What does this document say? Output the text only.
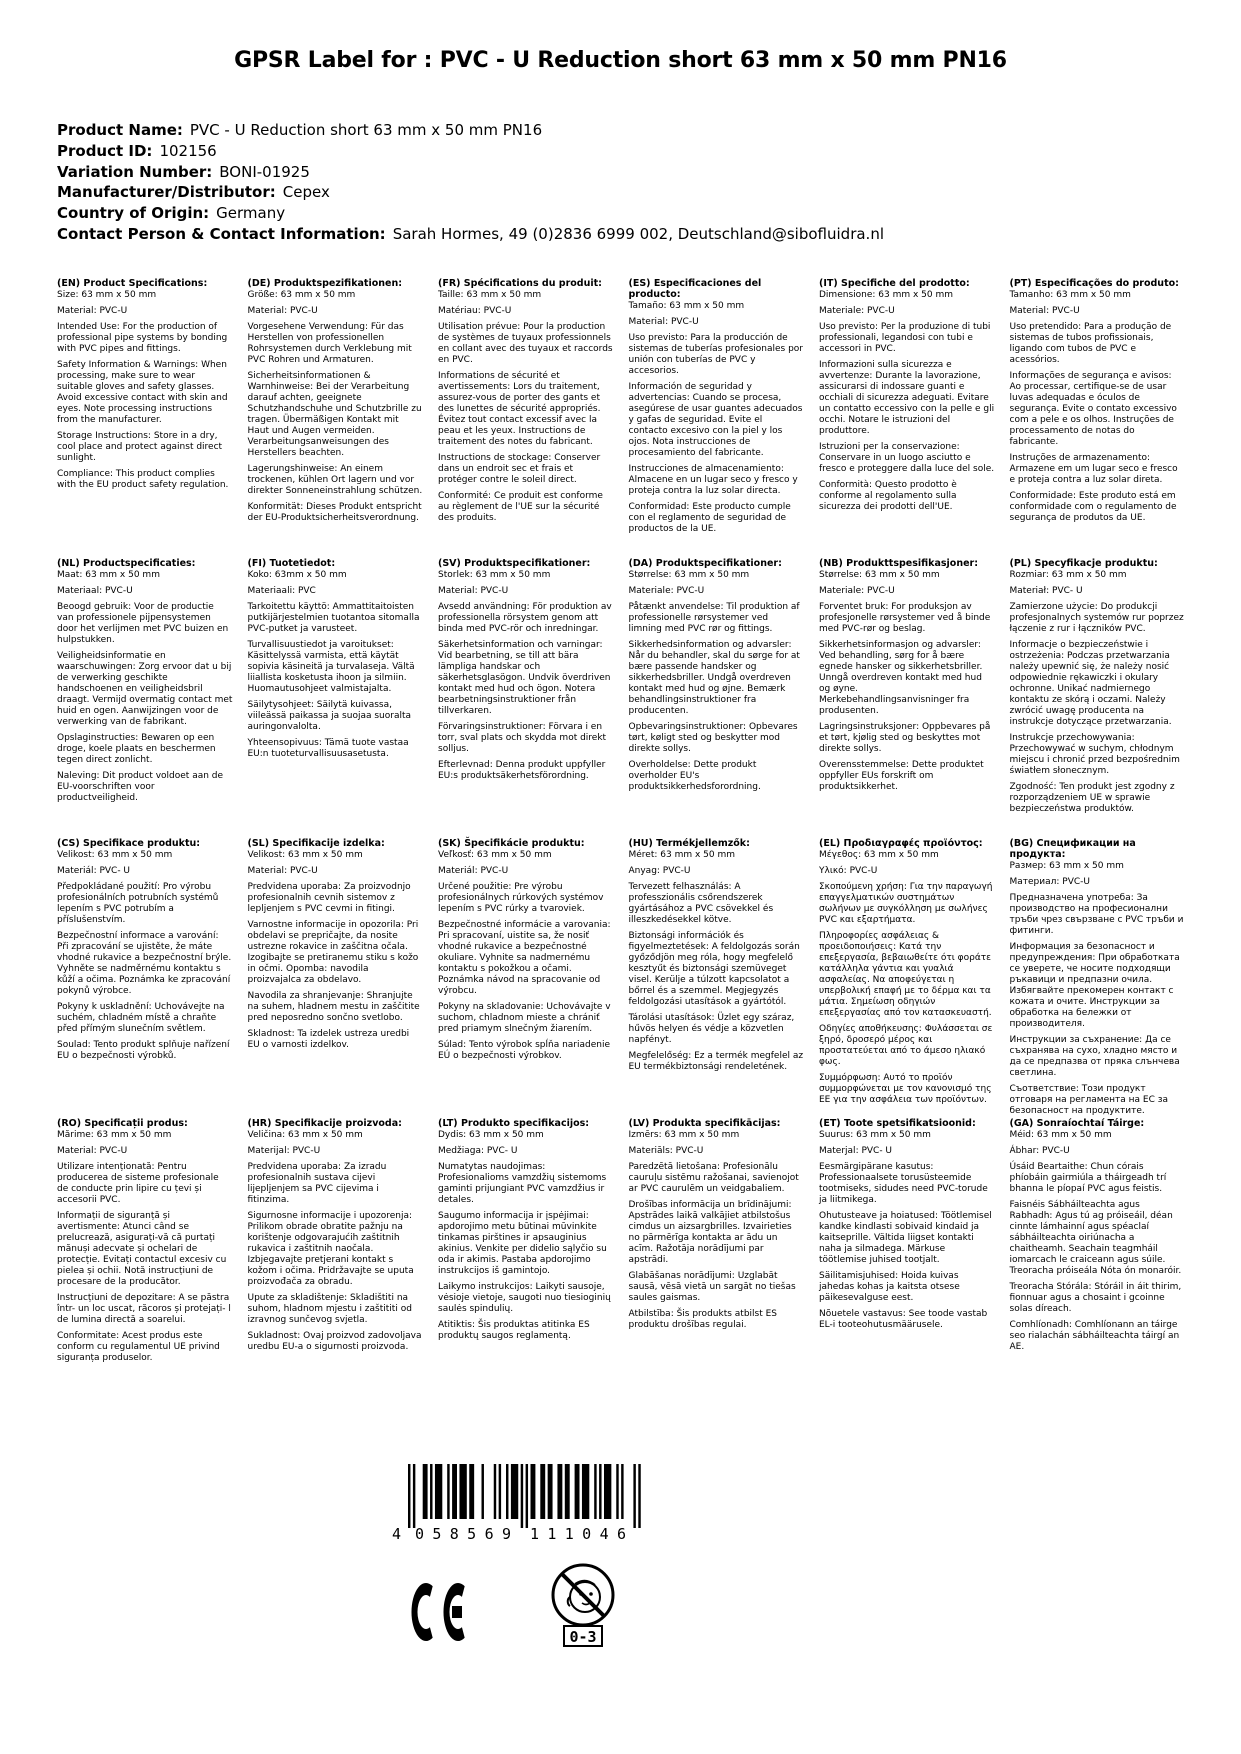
GPSR Label for : PVC - U Reduction short 63 mm x 50 mm PN16
Product Name: PVC - U Reduction short 63 mm x 50 mm PN16
Product ID: 102156
Variation Number: BONI-01925
Manufacturer/Distributor: Cepex
Country of Origin: Germany
Contact Person & Contact Information: Sarah Hormes, 49 (0)2836 6999 002, Deutschland@sibofluidra.nl
(EN) Product Specifications:

Size: 63 mm x 50 mm

Material: PVC-U

Intended Use: For the production of professional pipe systems by bonding with PVC pipes and fittings.

Safety Information & Warnings: When processing, make sure to wear suitable gloves and safety glasses. Avoid excessive contact with skin and eyes. Note processing instructions from the manufacturer.

Storage Instructions: Store in a dry, cool place and protect against direct sunlight.

Compliance: This product complies with the EU product safety regulation.

(DE) Produktspezifikationen:

Größe: 63 mm x 50 mm

Material: PVC-U

Vorgesehene Verwendung: Für das Herstellen von professionellen Rohrsystemen durch Verklebung mit PVC Rohren und Armaturen.

Sicherheitsinformationen & Warnhinweise: Bei der Verarbeitung darauf achten, geeignete Schutzhandschuhe und Schutzbrille zu tragen. Übermäßigen Kontakt mit Haut und Augen vermeiden. Verarbeitungsanweisungen des Herstellers beachten.

Lagerungshinweise: An einem trockenen, kühlen Ort lagern und vor direkter Sonneneinstrahlung schützen.

Konformität: Dieses Produkt entspricht der EU-Produktsicherheitsverordnung.

(FR) Spécifications du produit:

Taille: 63 mm x 50 mm

Matériau: PVC-U

Utilisation prévue: Pour la production de systèmes de tuyaux professionnels en collant avec des tuyaux et raccords en PVC.

Informations de sécurité et avertissements: Lors du traitement, assurez-vous de porter des gants et des lunettes de sécurité appropriés. Évitez tout contact excessif avec la peau et les yeux. Instructions de traitement des notes du fabricant.

Instructions de stockage: Conserver dans un endroit sec et frais et protéger contre le soleil direct.

Conformité: Ce produit est conforme au règlement de l'UE sur la sécurité des produits.

(ES) Especificaciones del producto:

Tamaño: 63 mm x 50 mm

Material: PVC-U

Uso previsto: Para la producción de sistemas de tuberías profesionales por unión con tuberías de PVC y accesorios.

Información de seguridad y advertencias: Cuando se procesa, asegúrese de usar guantes adecuados y gafas de seguridad. Evite el contacto excesivo con la piel y los ojos. Nota instrucciones de procesamiento del fabricante.

Instrucciones de almacenamiento: Almacene en un lugar seco y fresco y proteja contra la luz solar directa.

Conformidad: Este producto cumple con el reglamento de seguridad de productos de la UE.

(IT) Specifiche del prodotto:

Dimensione: 63 mm x 50 mm

Materiale: PVC-U

Uso previsto: Per la produzione di tubi professionali, legandosi con tubi e accessori in PVC.

Informazioni sulla sicurezza e avvertenze: Durante la lavorazione, assicurarsi di indossare guanti e occhiali di sicurezza adeguati. Evitare un contatto eccessivo con la pelle e gli occhi. Notare le istruzioni del produttore.

Istruzioni per la conservazione: Conservare in un luogo asciutto e fresco e proteggere dalla luce del sole.

Conformità: Questo prodotto è conforme al regolamento sulla sicurezza dei prodotti dell'UE.

(PT) Especificações do produto:

Tamanho: 63 mm x 50 mm

Material: PVC-U

Uso pretendido: Para a produção de sistemas de tubos profissionais, ligando com tubos de PVC e acessórios.

Informações de segurança e avisos: Ao processar, certifique-se de usar luvas adequadas e óculos de segurança. Evite o contato excessivo com a pele e os olhos. Instruções de processamento de notas do fabricante.

Instruções de armazenamento: Armazene em um lugar seco e fresco e proteja contra a luz solar direta.

Conformidade: Este produto está em conformidade com o regulamento de segurança de produtos da UE.

(NL) Productspecificaties:

Maat: 63 mm x 50 mm

Materiaal: PVC-U

Beoogd gebruik: Voor de productie van professionele pijpensystemen door het verlijmen met PVC buizen en hulpstukken.

Veiligheidsinformatie en waarschuwingen: Zorg ervoor dat u bij de verwerking geschikte handschoenen en veiligheidsbril draagt. Vermijd overmatig contact met huid en ogen. Aanwijzingen voor de verwerking van de fabrikant.

Opslaginstructies: Bewaren op een droge, koele plaats en beschermen tegen direct zonlicht.

Naleving: Dit product voldoet aan de EU-voorschriften voor productveiligheid.

(FI) Tuotetiedot:

Koko: 63mm x 50 mm

Materiaali: PVC

Tarkoitettu käyttö: Ammattitaitoisten putkijärjestelmien tuotantoa sitomalla PVC-putket ja varusteet.

Turvallisuustiedot ja varoitukset: Käsittelyssä varmista, että käytät sopivia käsineitä ja turvalaseja. Vältä liiallista kosketusta ihoon ja silmiin. Huomautusohjeet valmistajalta.

Säilytysohjeet: Säilytä kuivassa, viileässä paikassa ja suojaa suoralta auringonvalolta.

Yhteensopivuus: Tämä tuote vastaa EU:n tuoteturvallisuusasetusta.

(SV) Produktspecifikationer:

Storlek: 63 mm x 50 mm

Material: PVC-U

Avsedd användning: För produktion av professionella rörsystem genom att binda med PVC-rör och inredningar.

Säkerhetsinformation och varningar: Vid bearbetning, se till att bära lämpliga handskar och säkerhetsglasögon. Undvik överdriven kontakt med hud och ögon. Notera bearbetningsinstruktioner från tillverkaren.

Förvaringsinstruktioner: Förvara i en torr, sval plats och skydda mot direkt solljus.

Efterlevnad: Denna produkt uppfyller EU:s produktsäkerhetsförordning.

(DA) Produktspecifikationer:

Størrelse: 63 mm x 50 mm

Materiale: PVC-U

Påtænkt anvendelse: Til produktion af professionelle rørsystemer ved limning med PVC rør og fittings.

Sikkerhedsinformation og advarsler: Når du behandler, skal du sørge for at bære passende handsker og sikkerhedsbriller. Undgå overdreven kontakt med hud og øjne. Bemærk behandlingsinstruktioner fra producenten.

Opbevaringsinstruktioner: Opbevares tørt, køligt sted og beskytter mod direkte sollys.

Overholdelse: Dette produkt overholder EU's produktsikkerhedsforordning.

(NB) Produkttspesifikasjoner:

Størrelse: 63 mm x 50 mm

Materiale: PVC-U

Forventet bruk: For produksjon av profesjonelle rørsystemer ved å binde med PVC-rør og beslag.

Sikkerhetsinformasjon og advarsler: Ved behandling, sørg for å bære egnede hansker og sikkerhetsbriller. Unngå overdreven kontakt med hud og øyne. Merkebehandlingsanvisninger fra produsenten.

Lagringsinstruksjoner: Oppbevares på et tørt, kjølig sted og beskyttes mot direkte sollys.

Overensstemmelse: Dette produktet oppfyller EUs forskrift om produktsikkerhet.

(PL) Specyfikacje produktu:

Rozmiar: 63 mm x 50 mm

Materiał: PVC- U

Zamierzone użycie: Do produkcji profesjonalnych systemów rur poprzez łączenie z rur i łączników PVC.

Informacje o bezpieczeństwie i ostrzeżenia: Podczas przetwarzania należy upewnić się, że należy nosić odpowiednie rękawiczki i okulary ochronne. Unikać nadmiernego kontaktu ze skórą i oczami. Należy zwrócić uwagę producenta na instrukcje dotyczące przetwarzania.

Instrukcje przechowywania: Przechowywać w suchym, chłodnym miejscu i chronić przed bezpośrednim światłem słonecznym.

Zgodność: Ten produkt jest zgodny z rozporządzeniem UE w sprawie bezpieczeństwa produktów.

(CS) Specifikace produktu:

Velikost: 63 mm x 50 mm

Materiál: PVC- U

Předpokládané použití: Pro výrobu profesionálních potrubních systémů lepením s PVC potrubím a příslušenstvím.

Bezpečnostní informace a varování: Při zpracování se ujistěte, že máte vhodné rukavice a bezpečnostní brýle. Vyhněte se nadměrnému kontaktu s kůží a očima. Poznámka ke zpracování pokynů výrobce.

Pokyny k uskladnění: Uchovávejte na suchém, chladném místě a chraňte před přímým slunečním světlem.

Soulad: Tento produkt splňuje nařízení EU o bezpečnosti výrobků.

(SL) Specifikacije izdelka:

Velikost: 63 mm x 50 mm

Material: PVC-U

Predvidena uporaba: Za proizvodnjo profesionalnih cevnih sistemov z lepljenjem s PVC cevmi in fitingi.

Varnostne informacije in opozorila: Pri obdelavi se prepričajte, da nosite ustrezne rokavice in zaščitna očala. Izogibajte se pretiranemu stiku s kožo in očmi. Opomba: navodila proizvajalca za obdelavo.

Navodila za shranjevanje: Shranjujte na suhem, hladnem mestu in zaščitite pred neposredno sončno svetlobo.

Skladnost: Ta izdelek ustreza uredbi EU o varnosti izdelkov.

(SK) Špecifikácie produktu:

Veľkosť: 63 mm x 50 mm

Materiál: PVC-U

Určené použitie: Pre výrobu profesionálnych rúrkových systémov lepením s PVC rúrky a tvaroviek.

Bezpečnostné informácie a varovania: Pri spracovaní, uistite sa, že nosiť vhodné rukavice a bezpečnostné okuliare. Vyhnite sa nadmernému kontaktu s pokožkou a očami. Poznámka návod na spracovanie od výrobcu.

Pokyny na skladovanie: Uchovávajte v suchom, chladnom mieste a chrániť pred priamym slnečným žiarením.

Súlad: Tento výrobok spĺňa nariadenie EÚ o bezpečnosti výrobkov.

(HU) Termékjellemzők:

Méret: 63 mm x 50 mm

Anyag: PVC-U

Tervezett felhasználás: A professzionális csőrendszerek gyártásához a PVC csövekkel és illeszkedésekkel kötve.

Biztonsági információk és figyelmeztetések: A feldolgozás során győződjön meg róla, hogy megfelelő kesztyűt és biztonsági szemüveget visel. Kerülje a túlzott kapcsolatot a bőrrel és a szemmel. Megjegyzés feldolgozási utasítások a gyártótól.

Tárolási utasítások: Üzlet egy száraz, hűvös helyen és védje a közvetlen napfényt.

Megfelelőség: Ez a termék megfelel az EU termékbiztonsági rendeletének.

(EL) Προδιαγραφές προϊόντος:

Μέγεθος: 63 mm x 50 mm

Υλικό: PVC-U

Σκοπούμενη χρήση: Για την παραγωγή επαγγελματικών συστημάτων σωλήνων με συγκόλληση με σωλήνες PVC και εξαρτήματα.

Πληροφορίες ασφάλειας & προειδοποιήσεις: Κατά την επεξεργασία, βεβαιωθείτε ότι φοράτε κατάλληλα γάντια και γυαλιά ασφαλείας. Να αποφεύγεται η υπερβολική επαφή με το δέρμα και τα μάτια. Σημείωση οδηγιών επεξεργασίας από τον κατασκευαστή.

Οδηγίες αποθήκευσης: Φυλάσσεται σε ξηρό, δροσερό μέρος και προστατεύεται από το άμεσο ηλιακό φως.

Συμμόρφωση: Αυτό το προϊόν συμμορφώνεται με τον κανονισμό της ΕΕ για την ασφάλεια των προϊόντων.

(BG) Спецификации на продукта:

Размер: 63 mm x 50 mm

Материал: PVC-U

Предназначена употреба: За производство на професионални тръби чрез свързване с PVC тръби и фитинги.

Информация за безопасност и предупреждения: При обработката се уверете, че носите подходящи ръкавици и предпазни очила. Избягвайте прекомерен контакт с кожата и очите. Инструкции за обработка на бележки от производителя.

Инструкции за съхранение: Да се съхранява на сухо, хладно място и да се предпазва от пряка слънчева светлина.

Съответствие: Този продукт отговаря на регламента на ЕС за безопасност на продуктите.

(RO) Specificații produs:

Mărime: 63 mm x 50 mm

Material: PVC-U

Utilizare intenționată: Pentru producerea de sisteme profesionale de conducte prin lipire cu țevi și accesorii PVC.

Informații de siguranță și avertismente: Atunci când se prelucrează, asigurați-vă că purtați mănuși adecvate și ochelari de protecție. Evitați contactul excesiv cu pielea și ochii. Notă instrucțiuni de procesare de la producător.

Instrucțiuni de depozitare: A se păstra într- un loc uscat, răcoros și protejați- l de lumina directă a soarelui.

Conformitate: Acest produs este conform cu regulamentul UE privind siguranța produselor.

(HR) Specifikacije proizvoda:

Veličina: 63 mm x 50 mm

Materijal: PVC-U

Predvidena uporaba: Za izradu profesionalnih sustava cijevi lijepljenjem sa PVC cijevima i fitinzima.

Sigurnosne informacije i upozorenja: Prilikom obrade obratite pažnju na korištenje odgovarajućih zaštitnih rukavica i zaštitnih naočala. Izbjegavajte pretjerani kontakt s kožom i očima. Pridržavajte se uputa proizvođača za obradu.

Upute za skladištenje: Skladištiti na suhom, hladnom mjestu i zaštititi od izravnog sunčevog svjetla.

Sukladnost: Ovaj proizvod zadovoljava uredbu EU-a o sigurnosti proizvoda.

(LT) Produkto specifikacijos:

Dydis: 63 mm x 50 mm

Medžiaga: PVC- U

Numatytas naudojimas: Profesionalioms vamzdžių sistemoms gaminti prijungiant PVC vamzdžius ir detales.

Saugumo informacija ir įspėjimai: apdorojimo metu būtinai mūvinkite tinkamas pirštines ir apsauginius akinius. Venkite per didelio sąlyčio su oda ir akimis. Pastaba apdorojimo instrukcijos iš gamintojo.

Laikymo instrukcijos: Laikyti sausoje, vėsioje vietoje, saugoti nuo tiesioginių saulės spindulių.

Atitiktis: Šis produktas atitinka ES produktų saugos reglamentą.

(LV) Produkta specifikācijas:

Izmērs: 63 mm x 50 mm

Materiāls: PVC-U

Paredzētā lietošana: Profesionālu cauruļu sistēmu ražošanai, savienojot ar PVC caurulēm un veidgabaliem.

Drošības informācija un brīdinājumi: Apstrādes laikā valkājiet atbilstošus cimdus un aizsargbrilles. Izvairieties no pārmērīga kontakta ar ādu un acīm. Ražotāja norādījumi par apstrādi.

Glabāšanas norādījumi: Uzglabāt sausā, vēsā vietā un sargāt no tiešas saules gaismas.

Atbilstība: Šis produkts atbilst ES produktu drošības regulai.

(ET) Toote spetsifikatsioonid:

Suurus: 63 mm x 50 mm

Materjal: PVC- U

Eesmärgipärane kasutus: Professionaalsete torusüsteemide tootmiseks, sidudes need PVC-torude ja liitmikega.

Ohutusteave ja hoiatused: Töötlemisel kandke kindlasti sobivaid kindaid ja kaitseprille. Vältida liigset kontakti naha ja silmadega. Märkuse töötlemise juhised tootjalt.

Säilitamisjuhised: Hoida kuivas jahedas kohas ja kaitsta otsese päikesevalguse eest.

Nõuetele vastavus: See toode vastab EL-i tooteohutusmäärusele.

(GA) Sonraíochtaí Táirge:

Méid: 63 mm x 50 mm

Ábhar: PVC-U

Úsáid Beartaithe: Chun córais phíobáin gairmiúla a tháirgeadh trí bhanna le píopaí PVC agus feistis.

Faisnéis Sábháilteachta agus Rabhadh: Agus tú ag próiseáil, déan cinnte lámhainní agus spéaclaí sábháilteachta oiriúnacha a chaitheamh. Seachain teagmháil iomarcach le craiceann agus súile. Treoracha próiseála Nóta ón monaróir.

Treoracha Stórála: Stóráil in áit thirim, fionnuar agus a chosaint i gcoinne solas díreach.

Comhlíonadh: Comhlíonann an táirge seo rialachán sábháilteachta táirgí an AE.

4 058569 111046
0-3
